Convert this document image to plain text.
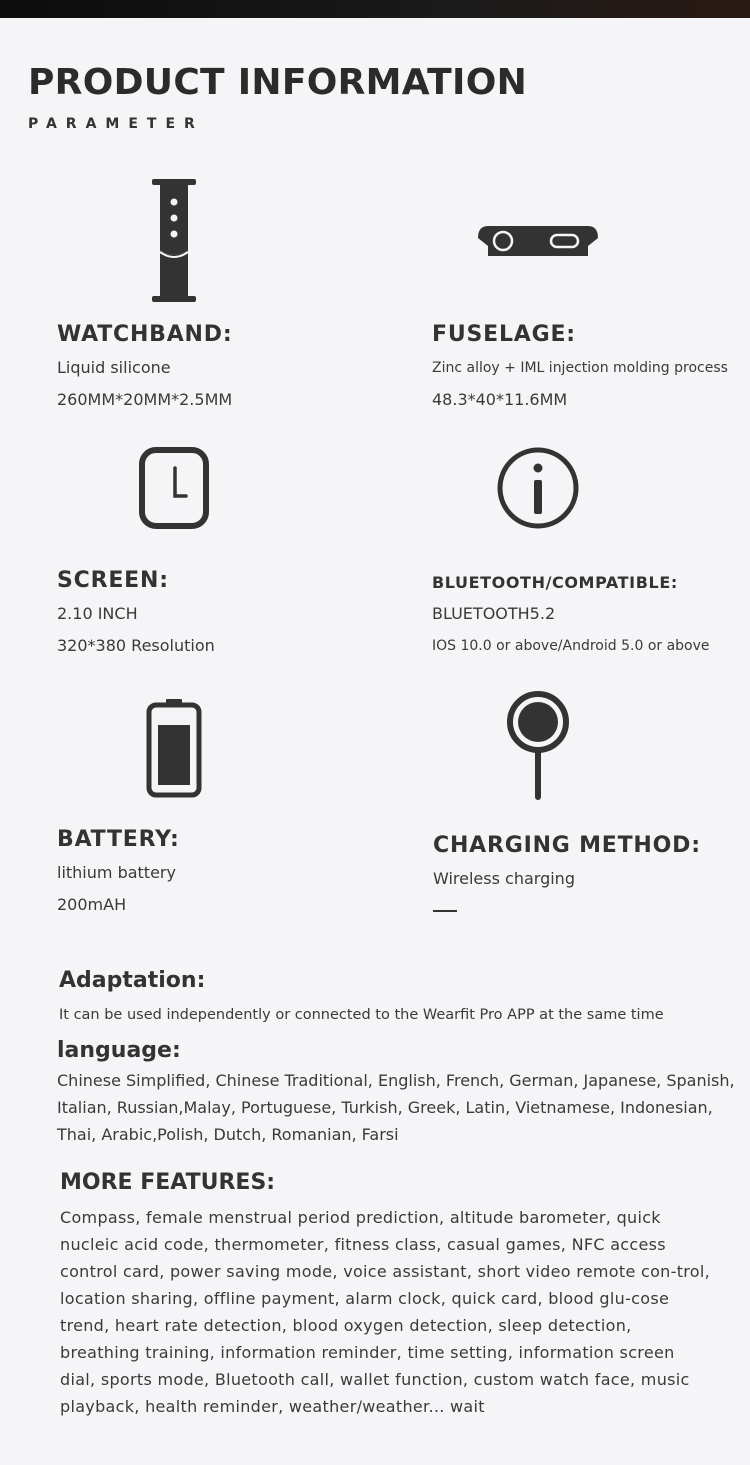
PRODUCT INFORMATION
PARAMETER
WATCHBAND:
Liquid silicone
260MM*20MM*2.5MM
FUSELAGE:
Zinc alloy + IML injection molding process
48.3*40*11.6MM
SCREEN:
2.10 INCH
320*380 Resolution
BLUETOOTH/COMPATIBLE:
BLUETOOTH5.2
IOS 10.0 or above/Android 5.0 or above
BATTERY:
lithium battery
200mAH
CHARGING METHOD:
Wireless charging
Adaptation:
It can be used independently or connected to the Wearfit Pro APP at the same time
language:
Chinese Simplified, Chinese Traditional, English, French, German, Japanese, Spanish, Italian, Russian,Malay, Portuguese, Turkish, Greek, Latin, Vietnamese, Indonesian, Thai, Arabic,Polish, Dutch, Romanian, Farsi
MORE FEATURES:
Compass, female menstrual period prediction, altitude barometer, quick nucleic acid code, thermometer, fitness class, casual games, NFC access control card, power saving mode, voice assistant, short video remote con-trol, location sharing, offline payment, alarm clock, quick card, blood glu-cose trend, heart rate detection, blood oxygen detection, sleep detection, breathing training, information reminder, time setting, information screen dial, sports mode, Bluetooth call, wallet function, custom watch face, music playback, health reminder, weather/weather... wait
